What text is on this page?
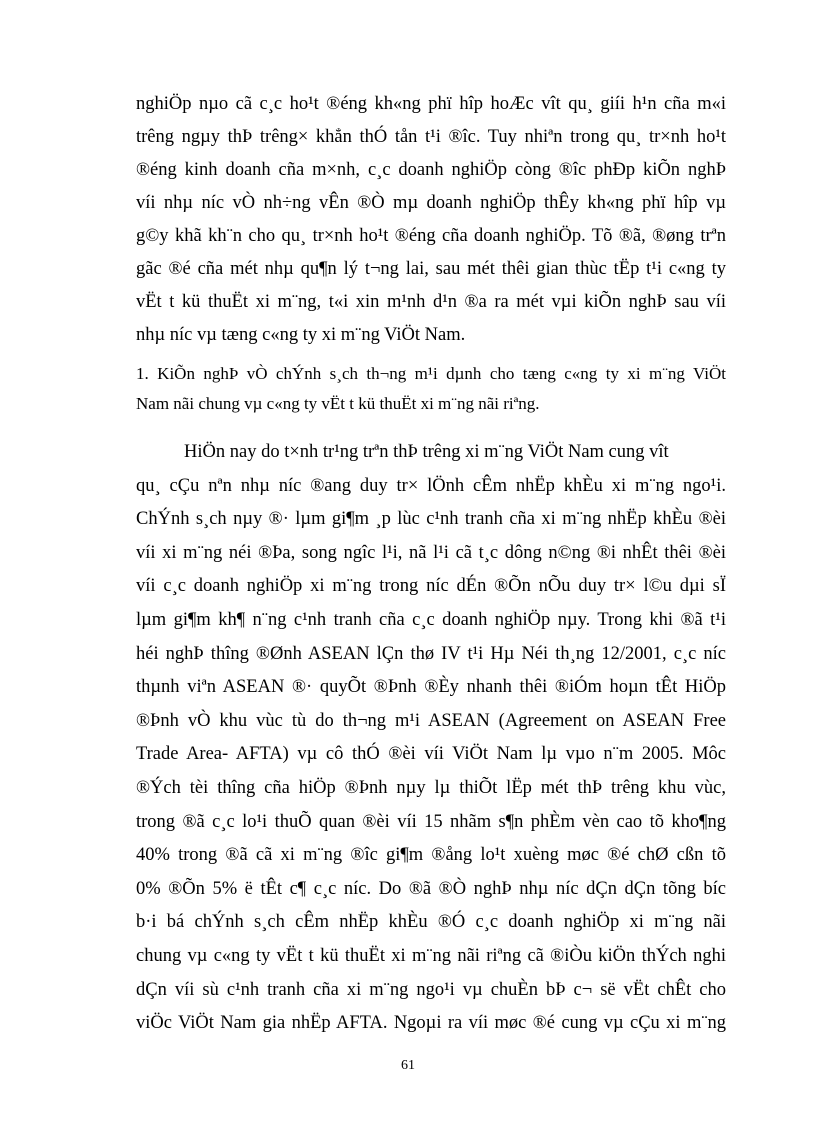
nghiÖp nµo cã c¸c ho¹t ®éng kh«ng phï hîp hoÆc vît qu¸ giíi h¹n cña m«i
trêng ngµy thÞ trêng× khẳn thÓ tån t¹i ®îc. Tuy nhiªn trong qu¸ tr×nh ho¹t
®éng kinh doanh cña m×nh, c¸c doanh nghiÖp còng ®îc phÐp kiÕn nghÞ
víi nhµ níc vÒ nh÷ng vÊn ®Ò mµ doanh nghiÖp thÊy kh«ng phï hîp vµ
g©y khã kh¨n cho qu¸ tr×nh ho¹t ®éng cña doanh nghiÖp. Tõ ®ã, ®øng trªn
gãc ®é cña mét nhµ qu¶n lý t¬ng lai, sau mét thêi gian thùc tËp t¹i c«ng ty
vËt t kü thuËt xi m¨ng, t«i xin m¹nh d¹n ®a ra mét vµi kiÕn nghÞ sau víi
nhµ níc vµ tæng c«ng ty xi m¨ng ViÖt Nam.
1. KiÕn nghÞ vÒ chÝnh s¸ch th¬ng m¹i dµnh cho tæng c«ng ty xi m¨ng ViÖt
Nam nãi chung vµ c«ng ty vËt t kü thuËt xi m¨ng nãi riªng.
HiÖn nay do t×nh tr¹ng trªn thÞ trêng xi m¨ng ViÖt Nam cung vît
qu¸ cÇu nªn nhµ níc ®ang duy tr× lÖnh cÊm nhËp khÈu xi m¨ng ngo¹i.
ChÝnh s¸ch nµy ®· lµm gi¶m ¸p lùc c¹nh tranh cña xi m¨ng nhËp khÈu ®èi
víi xi m¨ng néi ®Þa, song ngîc l¹i, nã l¹i cã t¸c dông n©ng ®i nhÊt thêi ®èi
víi c¸c doanh nghiÖp xi m¨ng trong níc dÉn ®Õn nÕu duy tr× l©u dµi sÏ
lµm gi¶m kh¶ n¨ng c¹nh tranh cña c¸c doanh nghiÖp nµy. Trong khi ®ã t¹i
héi nghÞ thîng ®Ønh ASEAN lÇn thø IV t¹i Hµ Néi th¸ng 12/2001, c¸c níc
thµnh viªn ASEAN ®· quyÕt ®Þnh ®Èy nhanh thêi ®iÓm hoµn tÊt HiÖp
®Þnh vÒ khu vùc tù do th¬ng m¹i ASEAN (Agreement on ASEAN Free
Trade Area- AFTA) vµ cô thÓ ®èi víi ViÖt Nam lµ vµo n¨m 2005. Môc
®Ých tèi thîng cña hiÖp ®Þnh nµy lµ thiÕt lËp mét thÞ trêng khu vùc,
trong ®ã c¸c lo¹i thuÕ quan ®èi víi 15 nhãm s¶n phÈm vèn cao tõ kho¶ng
40% trong ®ã cã xi m¨ng ®îc gi¶m ®ång lo¹t xuèng møc ®é chØ cßn tõ
0% ®Õn 5% ë tÊt c¶ c¸c níc. Do ®ã ®Ò nghÞ nhµ níc dÇn dÇn tõng bíc
b·i bá chÝnh s¸ch cÊm nhËp khÈu ®Ó c¸c doanh nghiÖp xi m¨ng nãi
chung vµ c«ng ty vËt t kü thuËt xi m¨ng nãi riªng cã ®iÒu kiÖn thÝch nghi
dÇn víi sù c¹nh tranh cña xi m¨ng ngo¹i vµ chuÈn bÞ c¬ së vËt chÊt cho
viÖc ViÖt Nam gia nhËp AFTA. Ngoµi ra víi møc ®é cung vµ cÇu xi m¨ng
61
